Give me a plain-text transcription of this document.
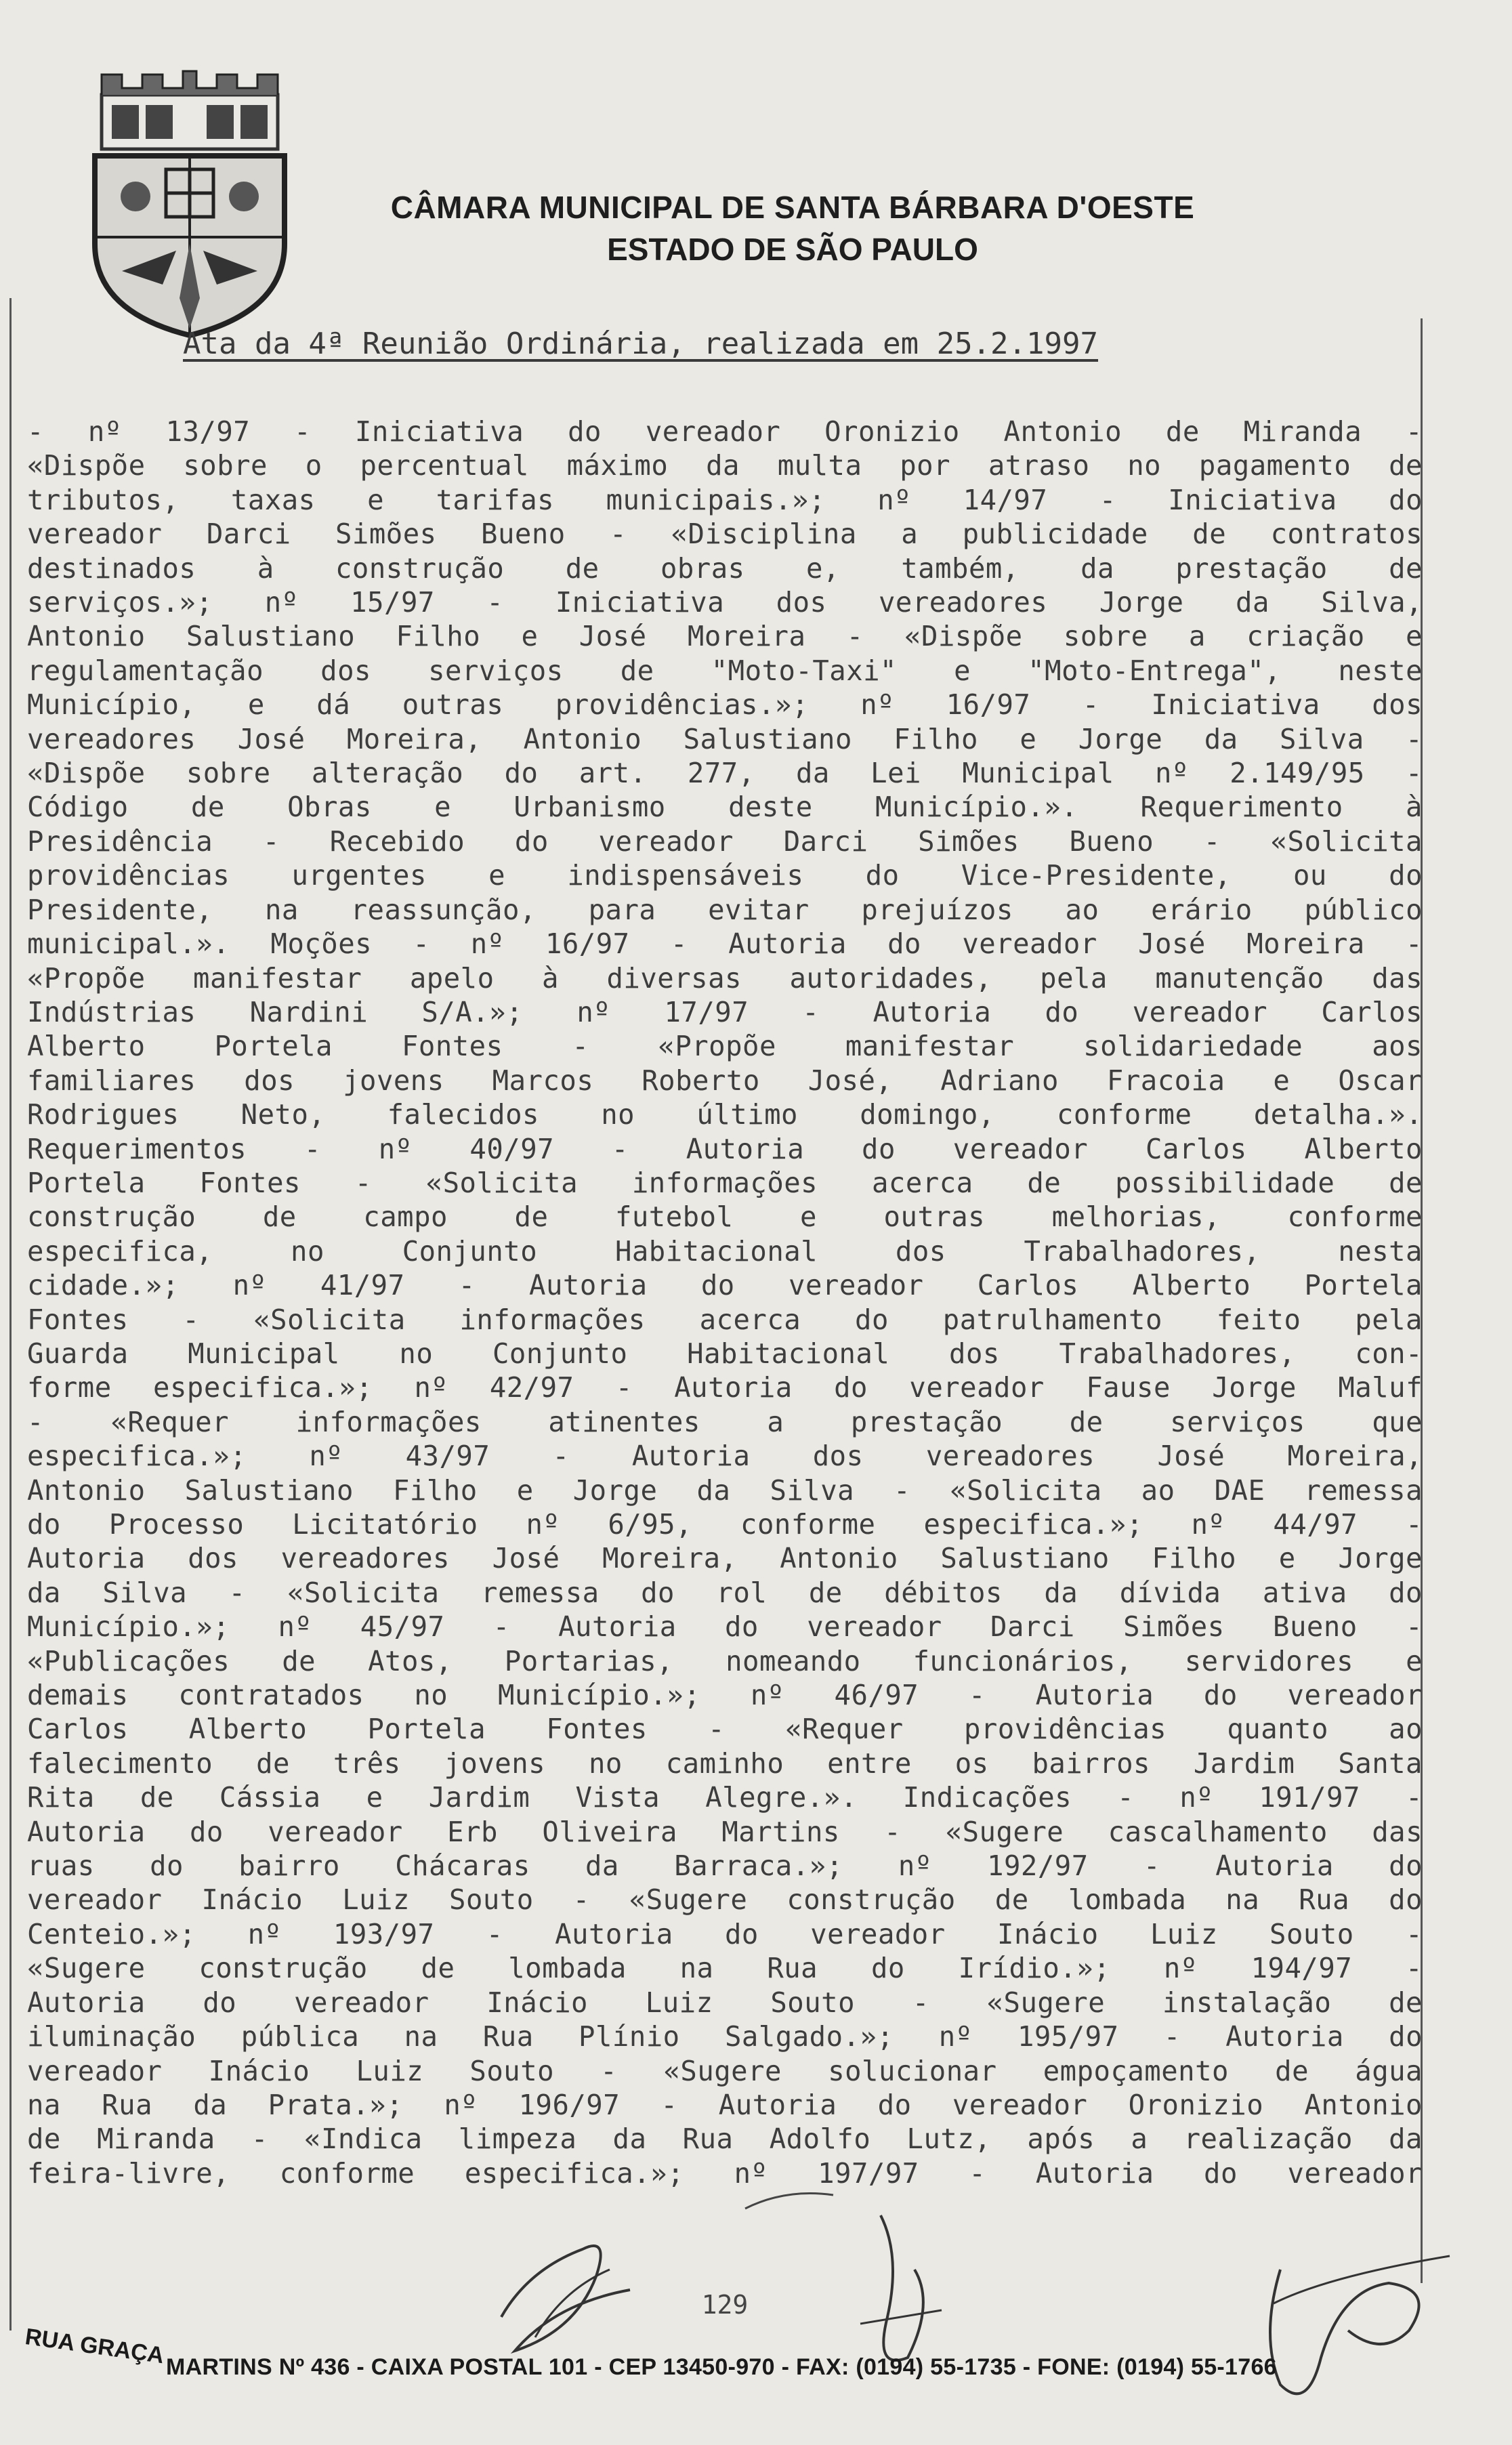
CÂMARA MUNICIPAL DE SANTA BÁRBARA D'OESTE
ESTADO DE SÃO PAULO
Ata da 4ª Reunião Ordinária, realizada em 25.2.1997
- nº 13/97 - Iniciativa do vereador Oronizio Antonio de Miranda -
«Dispõe sobre o percentual máximo da multa por atraso no pagamento de
tributos, taxas e tarifas municipais.»; nº 14/97 - Iniciativa do
vereador Darci Simões Bueno - «Disciplina a publicidade de contratos
destinados à construção de obras e, também, da prestação de
serviços.»; nº 15/97 - Iniciativa dos vereadores Jorge da Silva,
Antonio Salustiano Filho e José Moreira - «Dispõe sobre a criação e
regulamentação dos serviços de "Moto-Taxi" e "Moto-Entrega", neste
Município, e dá outras providências.»; nº 16/97 - Iniciativa dos
vereadores José Moreira, Antonio Salustiano Filho e Jorge da Silva -
«Dispõe sobre alteração do art. 277, da Lei Municipal nº 2.149/95 -
Código de Obras e Urbanismo deste Município.». Requerimento à
Presidência - Recebido do vereador Darci Simões Bueno - «Solicita
providências urgentes e indispensáveis do Vice-Presidente, ou do
Presidente, na reassunção, para evitar prejuízos ao erário público
municipal.». Moções - nº 16/97 - Autoria do vereador José Moreira -
«Propõe manifestar apelo à diversas autoridades, pela manutenção das
Indústrias Nardini S/A.»; nº 17/97 - Autoria do vereador Carlos
Alberto Portela Fontes - «Propõe manifestar solidariedade aos
familiares dos jovens Marcos Roberto José, Adriano Fracoia e Oscar
Rodrigues Neto, falecidos no último domingo, conforme detalha.».
Requerimentos - nº 40/97 - Autoria do vereador Carlos Alberto
Portela Fontes - «Solicita informações acerca de possibilidade de
construção de campo de futebol e outras melhorias, conforme
especifica, no Conjunto Habitacional dos Trabalhadores, nesta
cidade.»; nº 41/97 - Autoria do vereador Carlos Alberto Portela
Fontes - «Solicita informações acerca do patrulhamento feito pela
Guarda Municipal no Conjunto Habitacional dos Trabalhadores, con-
forme especifica.»; nº 42/97 - Autoria do vereador Fause Jorge Maluf
- «Requer informações atinentes a prestação de serviços que
especifica.»; nº 43/97 - Autoria dos vereadores José Moreira,
Antonio Salustiano Filho e Jorge da Silva - «Solicita ao DAE remessa
do Processo Licitatório nº 6/95, conforme especifica.»; nº 44/97 -
Autoria dos vereadores José Moreira, Antonio Salustiano Filho e Jorge
da Silva - «Solicita remessa do rol de débitos da dívida ativa do
Município.»; nº 45/97 - Autoria do vereador Darci Simões Bueno -
«Publicações de Atos, Portarias, nomeando funcionários, servidores e
demais contratados no Município.»; nº 46/97 - Autoria do vereador
Carlos Alberto Portela Fontes - «Requer providências quanto ao
falecimento de três jovens no caminho entre os bairros Jardim Santa
Rita de Cássia e Jardim Vista Alegre.». Indicações - nº 191/97 -
Autoria do vereador Erb Oliveira Martins - «Sugere cascalhamento das
ruas do bairro Chácaras da Barraca.»; nº 192/97 - Autoria do
vereador Inácio Luiz Souto - «Sugere construção de lombada na Rua do
Centeio.»; nº 193/97 - Autoria do vereador Inácio Luiz Souto -
«Sugere construção de lombada na Rua do Irídio.»; nº 194/97 -
Autoria do vereador Inácio Luiz Souto - «Sugere instalação de
iluminação pública na Rua Plínio Salgado.»; nº 195/97 - Autoria do
vereador Inácio Luiz Souto - «Sugere solucionar empoçamento de água
na Rua da Prata.»; nº 196/97 - Autoria do vereador Oronizio Antonio
de Miranda - «Indica limpeza da Rua Adolfo Lutz, após a realização da
feira-livre, conforme especifica.»; nº 197/97 - Autoria do vereador
129
RUA GRAÇA MARTINS Nº 436 - CAIXA POSTAL 101 - CEP 13450-970 - FAX: (0194) 55-1735 - FONE: (0194) 55-1766
